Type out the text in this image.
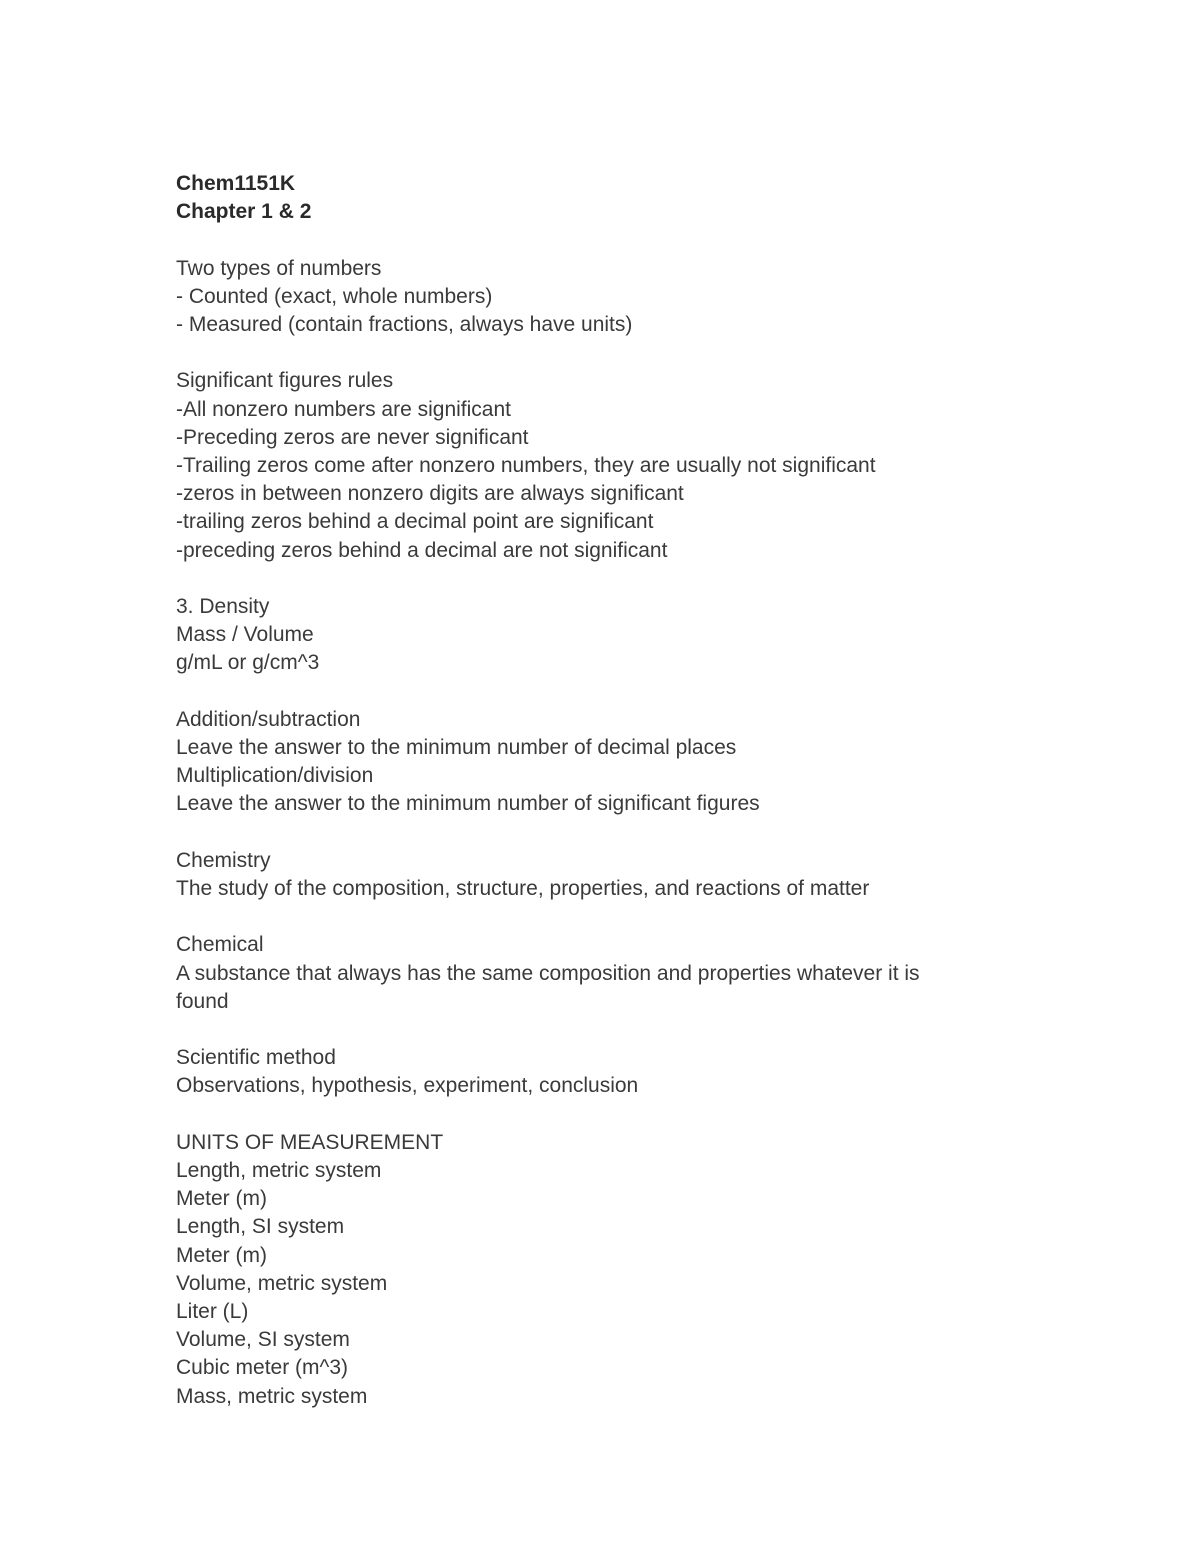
Chem1151K
Chapter 1 & 2
Two types of numbers
- Counted (exact, whole numbers)
- Measured (contain fractions, always have units)
Significant figures rules
-All nonzero numbers are significant
-Preceding zeros are never significant
-Trailing zeros come after nonzero numbers, they are usually not significant
-zeros in between nonzero digits are always significant
-trailing zeros behind a decimal point are significant
-preceding zeros behind a decimal are not significant
3. Density
Mass / Volume
g/mL or g/cm^3
Addition/subtraction
Leave the answer to the minimum number of decimal places
Multiplication/division
Leave the answer to the minimum number of significant figures
Chemistry
The study of the composition, structure, properties, and reactions of matter
Chemical
A substance that always has the same composition and properties whatever it is
found
Scientific method
Observations, hypothesis, experiment, conclusion
UNITS OF MEASUREMENT
Length, metric system
Meter (m)
Length, SI system
Meter (m)
Volume, metric system
Liter (L)
Volume, SI system
Cubic meter (m^3)
Mass, metric system
